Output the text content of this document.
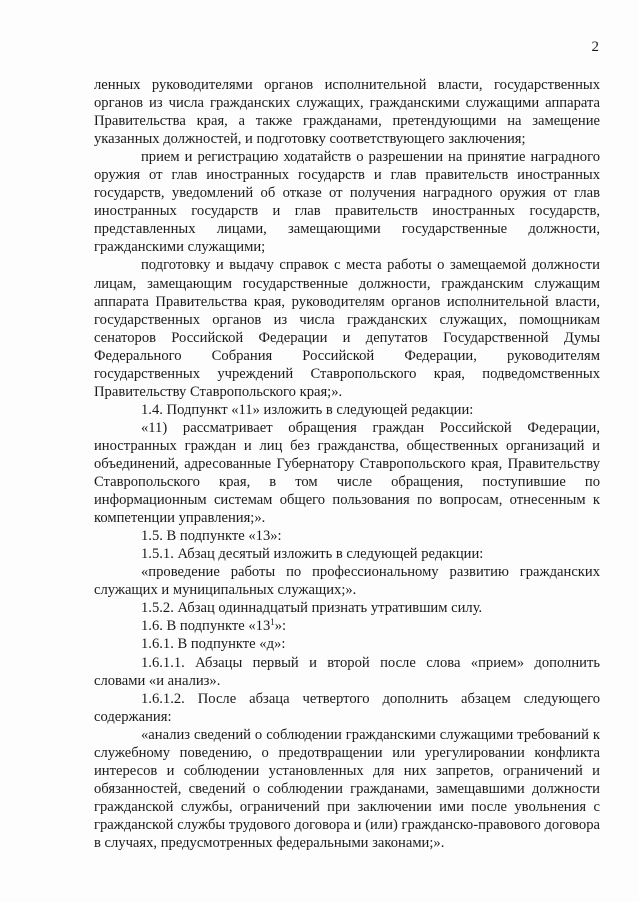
2

ленных руководителями органов исполнительной власти, государственных органов из числа гражданских служащих, гражданскими служащими аппарата Правительства края, а также гражданами, претендующими на замещение указанных должностей, и подготовку соответствующего заключения;

прием и регистрацию ходатайств о разрешении на принятие наградного оружия от глав иностранных государств и глав правительств иностранных государств, уведомлений об отказе от получения наградного оружия от глав иностранных государств и глав правительств иностранных государств, представленных лицами, замещающими государственные должности, гражданскими служащими;

подготовку и выдачу справок с места работы о замещаемой должности лицам, замещающим государственные должности, гражданским служащим аппарата Правительства края, руководителям органов исполнительной власти, государственных органов из числа гражданских служащих, помощникам сенаторов Российской Федерации и депутатов Государственной Думы Федерального Собрания Российской Федерации, руководителям государственных учреждений Ставропольского края, подведомственных Правительству Ставропольского края;».

1.4. Подпункт «11» изложить в следующей редакции:

«11) рассматривает обращения граждан Российской Федерации, иностранных граждан и лиц без гражданства, общественных организаций и объединений, адресованные Губернатору Ставропольского края, Правительству Ставропольского края, в том числе обращения, поступившие по информационным системам общего пользования по вопросам, отнесенным к компетенции управления;».

1.5. В подпункте «13»:

1.5.1. Абзац десятый изложить в следующей редакции:

«проведение работы по профессиональному развитию гражданских служащих и муниципальных служащих;».

1.5.2. Абзац одиннадцатый признать утратившим силу.

1.6. В подпункте «$13^1$»:

1.6.1. В подпункте «д»:

1.6.1.1. Абзацы первый и второй после слова «прием» дополнить словами «и анализ».

1.6.1.2. После абзаца четвертого дополнить абзацем следующего содержания:

«анализ сведений о соблюдении гражданскими служащими требований к служебному поведению, о предотвращении или урегулировании конфликта интересов и соблюдении установленных для них запретов, ограничений и обязанностей, сведений о соблюдении гражданами, замещавшими должности гражданской службы, ограничений при заключении ими после увольнения с гражданской службы трудового договора и (или) гражданско-правового договора в случаях, предусмотренных федеральными законами;».
